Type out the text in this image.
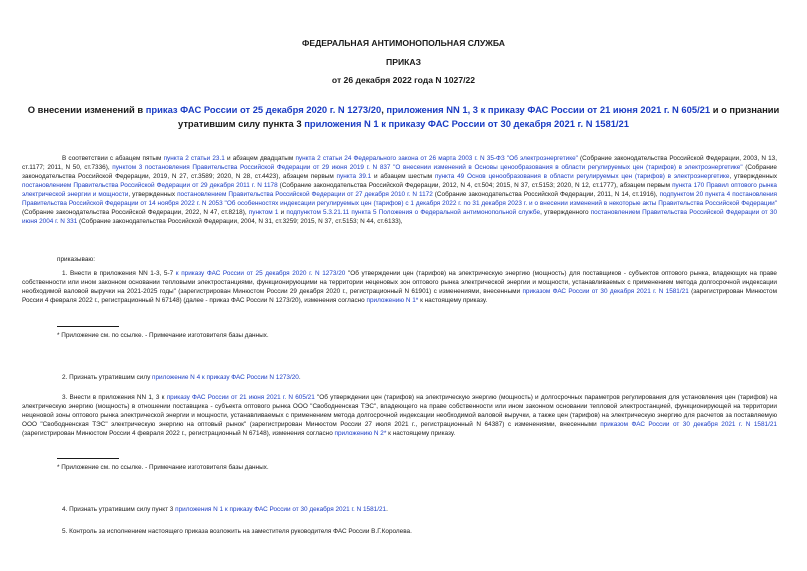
ФЕДЕРАЛЬНАЯ АНТИМОНОПОЛЬНАЯ СЛУЖБА
ПРИКАЗ
от 26 декабря 2022 года N 1027/22
О внесении изменений в приказ ФАС России от 25 декабря 2020 г. N 1273/20, приложения NN 1, 3 к приказу ФАС России от 21 июня 2021 г. N 605/21 и о признании утратившим силу пункта 3 приложения N 1 к приказу ФАС России от 30 декабря 2021 г. N 1581/21

В соответствии с абзацем пятым пункта 2 статьи 23.1 и абзацем двадцатым пункта 2 статьи 24 Федерального закона от 26 марта 2003 г. N 35-ФЗ "Об электроэнергетике" (Собрание законодательства Российской Федерации, 2003, N 13, ст.1177; 2011, N 50, ст.7336), пунктом 3 постановления Правительства Российской Федерации от 29 июня 2019 г. N 837 "О внесении изменений в Основы ценообразования в области регулируемых цен (тарифов) в электроэнергетике" (Собрание законодательства Российской Федерации, 2019, N 27, ст.3589; 2020, N 28, ст.4423), абзацем первым пункта 39.1 и абзацем шестым пункта 49 Основ ценообразования в области регулируемых цен (тарифов) в электроэнергетике, утвержденных постановлением Правительства Российской Федерации от 29 декабря 2011 г. N 1178 (Собрание законодательства Российской Федерации, 2012, N 4, ст.504; 2015, N 37, ст.5153; 2020, N 12, ст.1777), абзацем первым пункта 170 Правил оптового рынка электрической энергии и мощности, утвержденных постановлением Правительства Российской Федерации от 27 декабря 2010 г. N 1172 (Собрание законодательства Российской Федерации, 2011, N 14, ст.1916), подпунктом 20 пункта 4 постановления Правительства Российской Федерации от 14 ноября 2022 г. N 2053 "Об особенностях индексации регулируемых цен (тарифов) с 1 декабря 2022 г. по 31 декабря 2023 г. и о внесении изменений в некоторые акты Правительства Российской Федерации" (Собрание законодательства Российской Федерации, 2022, N 47, ст.8218), пунктом 1 и подпунктом 5.3.21.11 пункта 5 Положения о Федеральной антимонопольной службе, утвержденного постановлением Правительства Российской Федерации от 30 июня 2004 г. N 331 (Собрание законодательства Российской Федерации, 2004, N 31, ст.3259; 2015, N 37, ст.5153; N 44, ст.6133),

приказываю:

1. Внести в приложения NN 1-3, 5-7 к приказу ФАС России от 25 декабря 2020 г. N 1273/20 "Об утверждении цен (тарифов) на электрическую энергию (мощность) для поставщиков - субъектов оптового рынка, владеющих на праве собственности или ином законном основании тепловыми электростанциями, функционирующими на территории неценовых зон оптового рынка электрической энергии и мощности, устанавливаемых с применением метода долгосрочной индексации необходимой валовой выручки на 2021-2025 годы" (зарегистрирован Минюстом России 29 декабря 2020 г., регистрационный N 61901) с изменениями, внесенными приказом ФАС России от 30 декабря 2021 г. N 1581/21 (зарегистрирован Минюстом России 4 февраля 2022 г., регистрационный N 67148) (далее - приказ ФАС России N 1273/20), изменения согласно приложению N 1* к настоящему приказу.

* Приложение см. по ссылке. - Примечание изготовителя базы данных.

2. Признать утратившим силу приложение N 4 к приказу ФАС России N 1273/20.

3. Внести в приложения NN 1, 3 к приказу ФАС России от 21 июня 2021 г. N 605/21 "Об утверждении цен (тарифов) на электрическую энергию (мощность) и долгосрочных параметров регулирования для установления цен (тарифов) на электрическую энергию (мощность) в отношении поставщика - субъекта оптового рынка ООО "Свободненская ТЭС", владеющего на праве собственности или ином законном основании тепловой электростанцией, функционирующей на территории неценовой зоны оптового рынка электрической энергии и мощности, устанавливаемых с применением метода долгосрочной индексации необходимой валовой выручки, а также цен (тарифов) на электрическую энергию для расчетов за поставляемую ООО "Свободненская ТЭС" электрическую энергию на оптовый рынок" (зарегистрирован Минюстом России 27 июля 2021 г., регистрационный N 64387) с изменениями, внесенными приказом ФАС России от 30 декабря 2021 г. N 1581/21 (зарегистрирован Минюстом России 4 февраля 2022 г., регистрационный N 67148), изменения согласно приложению N 2* к настоящему приказу.

* Приложение см. по ссылке. - Примечание изготовителя базы данных.

4. Признать утратившим силу пункт 3 приложения N 1 к приказу ФАС России от 30 декабря 2021 г. N 1581/21.

5. Контроль за исполнением настоящего приказа возложить на заместителя руководителя ФАС России В.Г.Королева.
